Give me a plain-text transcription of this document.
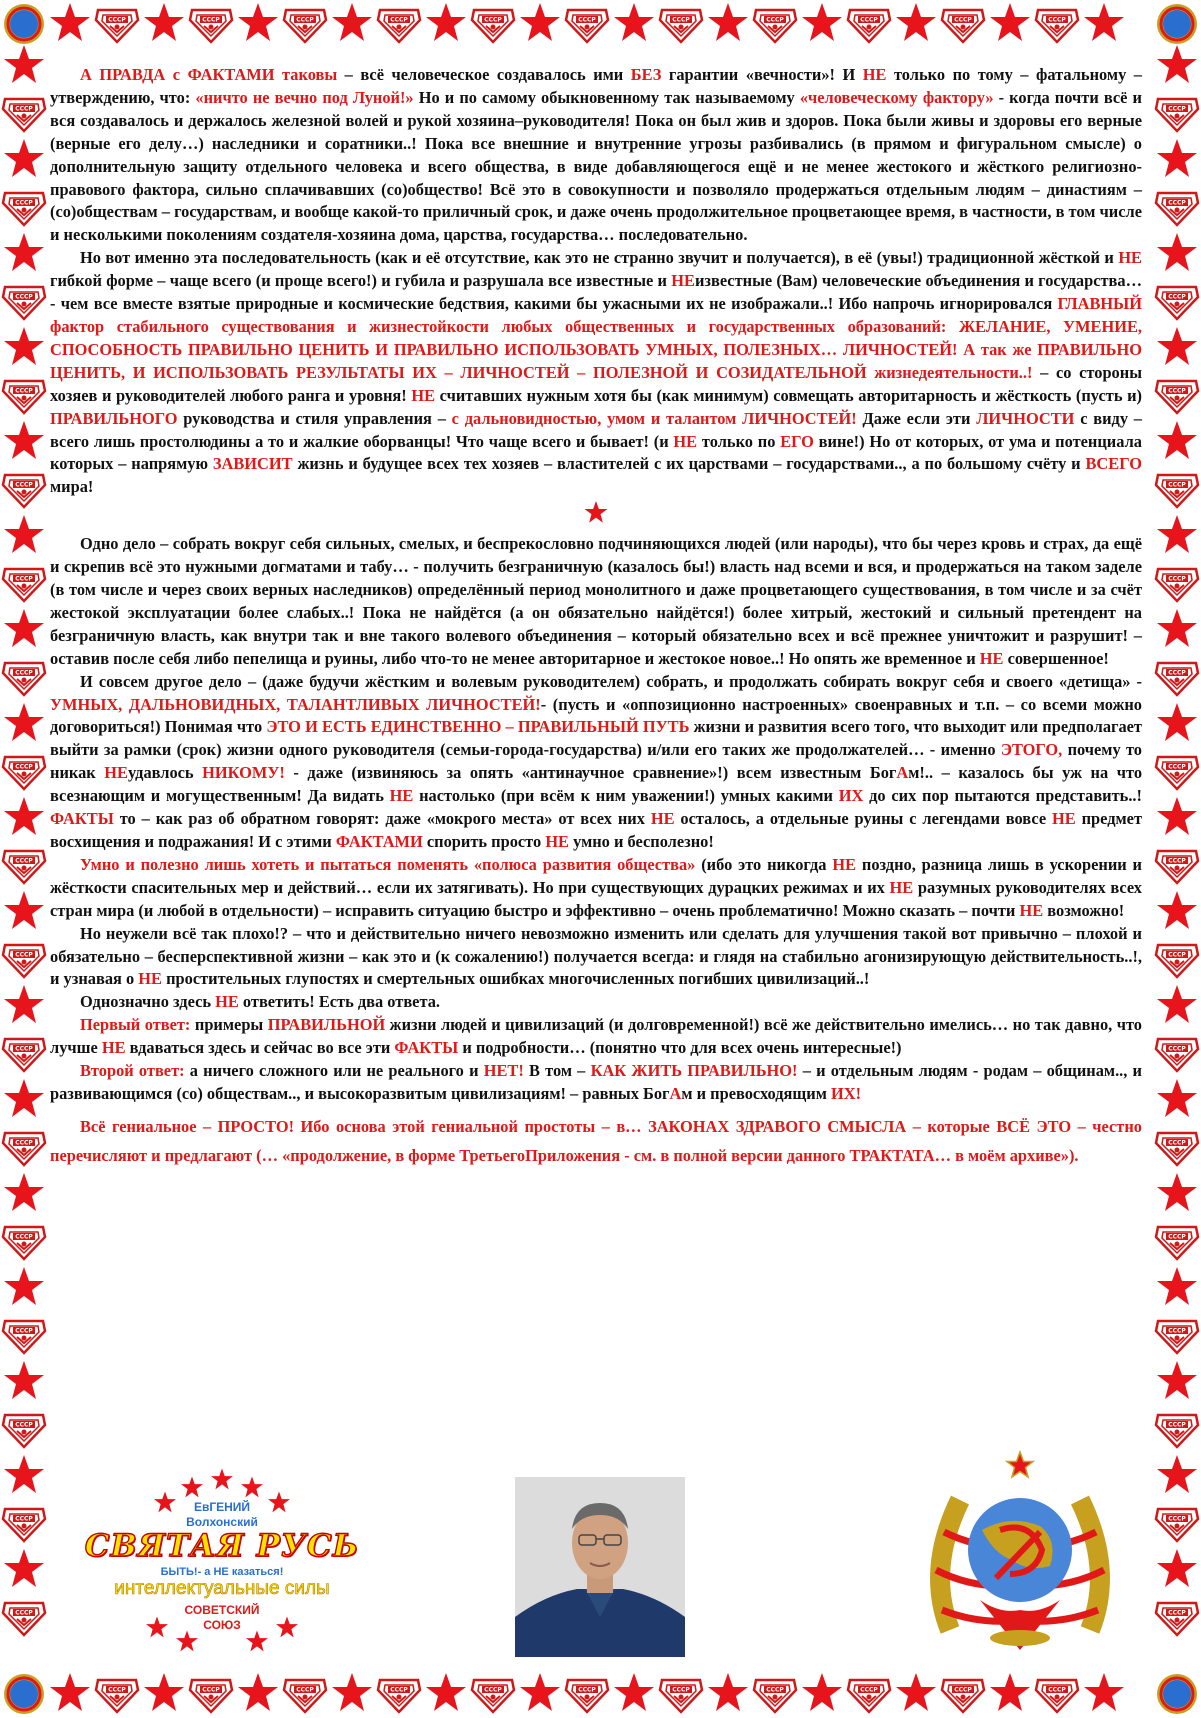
А ПРАВДА с ФАКТАМИ таковы – всё человеческое создавалось ими БЕЗ гарантии «вечности»! И НЕ только по тому – фатальному – утверждению, что: «ничто не вечно под Луной!» Но и по самому обыкновенному так называемому «человеческому фактору» - когда почти всё и вся создавалось и держалось железной волей и рукой хозяина–руководителя! Пока он был жив и здоров. Пока были живы и здоровы его верные (верные его делу…) наследники и соратники..! Пока все внешние и внутренние угрозы разбивались (в прямом и фигуральном смысле) о дополнительную защиту отдельного человека и всего общества, в виде добавляющегося ещё и не менее жестокого и жёсткого религиозно- правового фактора, сильно сплачивавших (со)общество! Всё это в совокупности и позволяло продержаться отдельным людям – династиям – (со)обществам – государствам, и вообще какой-то приличный срок, и даже очень продолжительное процветающее время, в частности, в том числе и несколькими поколениям создателя-хозяина дома, царства, государства… последовательно.

Но вот именно эта последовательность (как и её отсутствие, как это не странно звучит и получается), в её (увы!) традиционной жёсткой и НЕ гибкой форме – чаще всего (и проще всего!) и губила и разрушала все известные и НЕизвестные (Вам) человеческие объединения и государства… - чем все вместе взятые природные и космические бедствия, какими бы ужасными их не изображали..! Ибо напрочь игнорировался ГЛАВНЫЙ фактор стабильного существования и жизнестойкости любых общественных и государственных образований: ЖЕЛАНИЕ, УМЕНИЕ, СПОСОБНОСТЬ ПРАВИЛЬНО ЦЕНИТЬ И ПРАВИЛЬНО ИСПОЛЬЗОВАТЬ УМНЫХ, ПОЛЕЗНЫХ… ЛИЧНОСТЕЙ! А так же ПРАВИЛЬНО ЦЕНИТЬ, И ИСПОЛЬЗОВАТЬ РЕЗУЛЬТАТЫ ИХ – ЛИЧНОСТЕЙ – ПОЛЕЗНОЙ И СОЗИДАТЕЛЬНОЙ жизнедеятельности..! – со стороны хозяев и руководителей любого ранга и уровня! НЕ считавших нужным хотя бы (как минимум) совмещать авторитарность и жёсткость (пусть и) ПРАВИЛЬНОГО руководства и стиля управления – с дальновидностью, умом и талантом ЛИЧНОСТЕЙ! Даже если эти ЛИЧНОСТИ с виду – всего лишь простолюдины а то и жалкие оборванцы! Что чаще всего и бывает! (и НЕ только по ЕГО вине!) Но от которых, от ума и потенциала которых – напрямую ЗАВИСИТ жизнь и будущее всех тех хозяев – властителей с их царствами – государствами.., а по большому счёту и ВСЕГО мира!

Одно дело – собрать вокруг себя сильных, смелых, и беспрекословно подчиняющихся людей (или народы), что бы через кровь и страх, да ещё и скрепив всё это нужными догматами и табу… - получить безграничную (казалось бы!) власть над всеми и вся, и продержаться на таком заделе (в том числе и через своих верных наследников) определённый период монолитного и даже процветающего существования, в том числе и за счёт жестокой эксплуатации более слабых..! Пока не найдётся (а он обязательно найдётся!) более хитрый, жестокий и сильный претендент на безграничную власть, как внутри так и вне такого волевого объединения – который обязательно всех и всё прежнее уничтожит и разрушит! – оставив после себя либо пепелища и руины, либо что-то не менее авторитарное и жестокое новое..! Но опять же временное и НЕ совершенное!

И совсем другое дело – (даже будучи жёстким и волевым руководителем) собрать, и продолжать собирать вокруг себя и своего «детища» - УМНЫХ, ДАЛЬНОВИДНЫХ, ТАЛАНТЛИВЫХ ЛИЧНОСТЕЙ!- (пусть и «оппозиционно настроенных» своенравных и т.п. – со всеми можно договориться!) Понимая что ЭТО И ЕСТЬ ЕДИНСТВЕННО – ПРАВИЛЬНЫЙ ПУТЬ жизни и развития всего того, что выходит или предполагает выйти за рамки (срок) жизни одного руководителя (семьи-города-государства) и/или его таких же продолжателей… - именно ЭТОГО, почему то никак НЕудавлось НИКОМУ! - даже (извиняюсь за опять «антинаучное сравнение»!) всем известным БогАм!.. – казалось бы уж на что всезнающим и могущественным! Да видать НЕ настолько (при всём к ним уважении!) умных какими ИХ до сих пор пытаются представить..! ФАКТЫ то – как раз об обратном говорят: даже «мокрого места» от всех них НЕ осталось, а отдельные руины с легендами вовсе НЕ предмет восхищения и подражания! И с этими ФАКТАМИ спорить просто НЕ умно и бесполезно!

Умно и полезно лишь хотеть и пытаться поменять «полюса развития общества» (ибо это никогда НЕ поздно, разница лишь в ускорении и жёсткости спасительных мер и действий… если их затягивать). Но при существующих дурацких режимах и их НЕ разумных руководителях всех стран мира (и любой в отдельности) – исправить ситуацию быстро и эффективно – очень проблематично! Можно сказать – почти НЕ возможно!

Но неужели всё так плохо!? – что и действительно ничего невозможно изменить или сделать для улучшения такой вот привычно – плохой и обязательно – бесперспективной жизни – как это и (к сожалению!) получается всегда: и глядя на стабильно агонизирующую действительность..!, и узнавая о НЕ простительных глупостях и смертельных ошибках многочисленных погибших цивилизаций..!

Однозначно здесь НЕ ответить! Есть два ответа.

Первый ответ: примеры ПРАВИЛЬНОЙ жизни людей и цивилизаций (и долговременной!) всё же действительно имелись… но так давно, что лучше НЕ вдаваться здесь и сейчас во все эти ФАКТЫ и подробности… (понятно что для всех очень интересные!)

Второй ответ: а ничего сложного или не реального и НЕТ! В том – КАК ЖИТЬ ПРАВИЛЬНО! – и отдельным людям - родам – общинам.., и развивающимся (со) обществам.., и высокоразвитым цивилизациям! – равных БогАм и превосходящим ИХ!

Всё гениальное – ПРОСТО! Ибо основа этой гениальной простоты – в… ЗАКОНАХ ЗДРАВОГО СМЫСЛА – которые ВСЁ ЭТО – честно перечисляют и предлагают (… «продолжение, в форме ТретьегоПриложения - см. в полной версии данного ТРАКТАТА… в моём архиве»).

ЕвГЕНИЙ
Волхонский
СВЯТАЯ РУСЬ
БЫТЬ!- а НЕ казаться!
интеллектуальные силы
СОВЕТСКИЙ
СОЮЗ
